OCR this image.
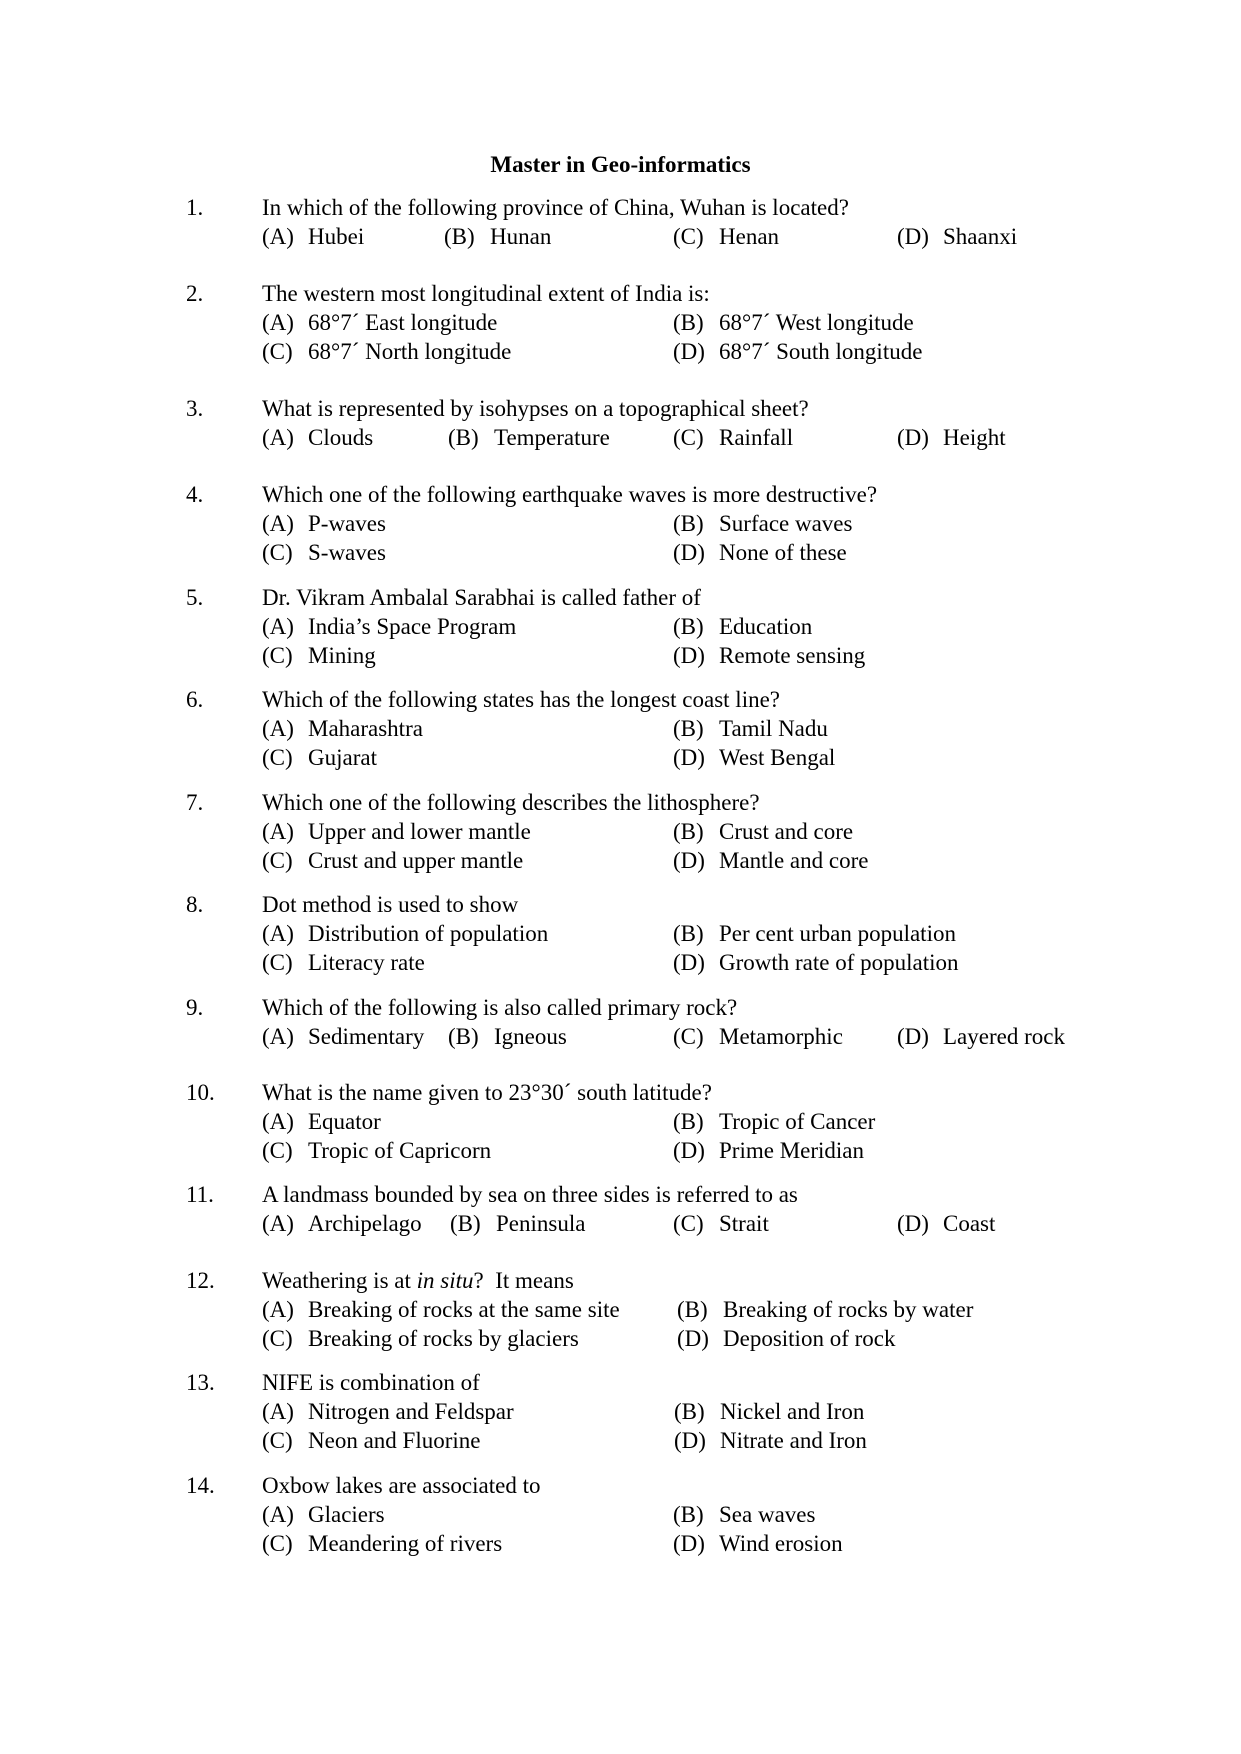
Master in Geo-informatics
1.	In which of the following province of China, Wuhan is located?
(A) Hubei	(B) Hunan	(C) Henan	(D) Shaanxi
2.	The western most longitudinal extent of India is:
(A) 68°7´ East longitude	(B) 68°7´ West longitude
(C) 68°7´ North longitude	(D) 68°7´ South longitude
3.	What is represented by isohypses on a topographical sheet?
(A) Clouds	(B) Temperature	(C) Rainfall	(D) Height
4.	Which one of the following earthquake waves is more destructive?
(A) P-waves	(B) Surface waves
(C) S-waves	(D) None of these
5.	Dr. Vikram Ambalal Sarabhai is called father of
(A) India’s Space Program	(B) Education
(C) Mining	(D) Remote sensing
6.	Which of the following states has the longest coast line?
(A) Maharashtra	(B) Tamil Nadu
(C) Gujarat	(D) West Bengal
7.	Which one of the following describes the lithosphere?
(A) Upper and lower mantle	(B) Crust and core
(C) Crust and upper mantle	(D) Mantle and core
8.	Dot method is used to show
(A) Distribution of population	(B) Per cent urban population
(C) Literacy rate	(D) Growth rate of population
9.	Which of the following is also called primary rock?
(A) Sedimentary (B) Igneous	(C) Metamorphic (D) Layered rock
10. What is the name given to 23°30´ south latitude?
(A) Equator	(B) Tropic of Cancer
(C) Tropic of Capricorn	(D) Prime Meridian
11. A landmass bounded by sea on three sides is referred to as
(A) Archipelago (B) Peninsula	(C) Strait	(D) Coast
12. Weathering is at in situ?  It means
(A) Breaking of rocks at the same site (B) Breaking of rocks by water
(C) Breaking of rocks by glaciers	(D) Deposition of rock
13. NIFE is combination of
(A) Nitrogen and Feldspar	(B) Nickel and Iron
(C) Neon and Fluorine	(D) Nitrate and Iron
14. Oxbow lakes are associated to
(A) Glaciers	(B) Sea waves
(C) Meandering of rivers	(D) Wind erosion
